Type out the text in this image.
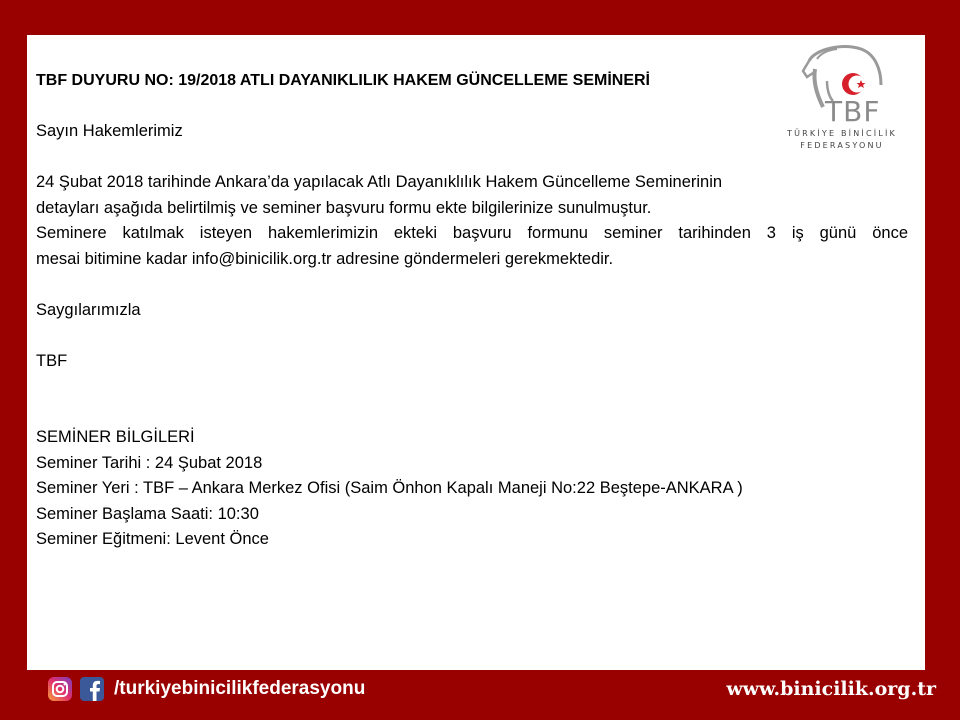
TBF
TÜRKİYE BİNİCİLİK
FEDERASYONU

TBF DUYURU NO: 19/2018 ATLI DAYANIKLILIK HAKEM GÜNCELLEME SEMİNERİ

Sayın Hakemlerimiz

24 Şubat 2018 tarihinde Ankara’da yapılacak Atlı Dayanıklılık Hakem Güncelleme Seminerinin

detayları aşağıda belirtilmiş ve seminer başvuru formu ekte bilgilerinize sunulmuştur.

Seminere katılmak isteyen hakemlerimizin ekteki başvuru formunu seminer tarihinden 3 iş günü önce

mesai bitimine kadar info@binicilik.org.tr adresine göndermeleri gerekmektedir.

Saygılarımızla

TBF

SEMİNER BİLGİLERİ

Seminer Tarihi : 24 Şubat 2018

Seminer Yeri : TBF – Ankara Merkez Ofisi (Saim Önhon Kapalı Maneji No:22 Beştepe-ANKARA )

Seminer Başlama Saati: 10:30

Seminer Eğitmeni: Levent Önce

/turkiyebinicilikfederasyonu	www.binicilik.org.tr
